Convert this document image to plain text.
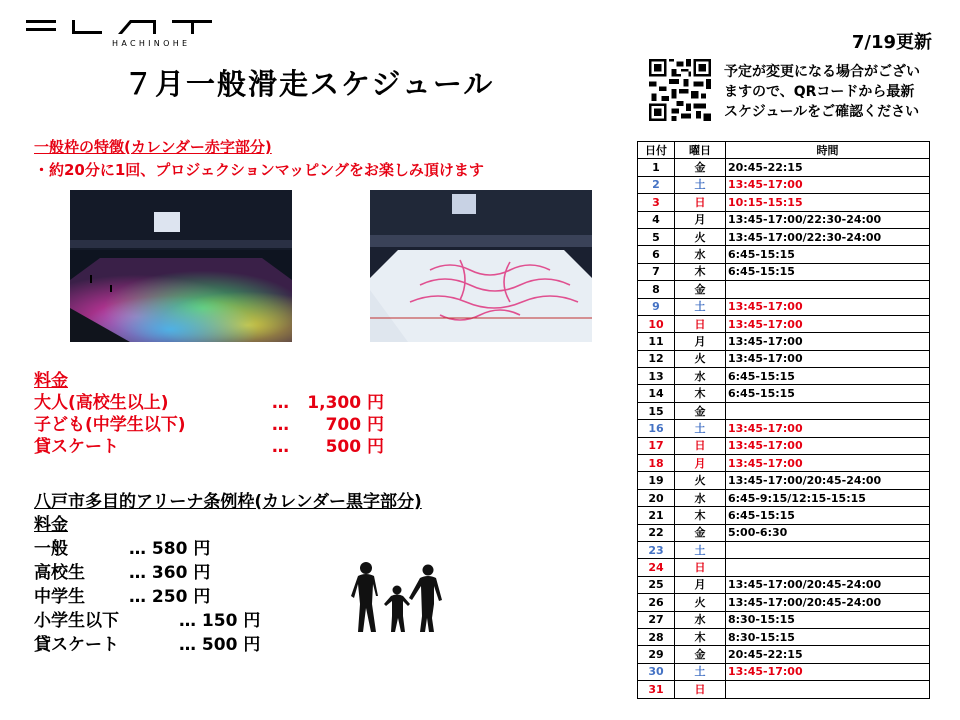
HACHINOHE	7/19更新
７月一般滑走スケジュール	予定が変更になる場合がござい
ますので、QRコードから最新
スケジュールをご確認ください
一般枠の特徴(カレンダー赤字部分)
・約20分に1回、プロジェクションマッピングをお楽しみ頂けます
料金
大人(高校生以上)	…	1,300 円
子ども(中学生以下)	…	700 円
貸スケート	…	500 円
八戸市多目的アリーナ条例枠(カレンダー黒字部分)
料金
一般	… 580 円
高校生	… 360 円
中学生	… 250 円
小学生以下	… 150 円
貸スケート	… 500 円
日付	曜日	時間
1	金	20:45-22:15
2	土	13:45-17:00
3	日	10:15-15:15
4	月	13:45-17:00/22:30-24:00
5	火	13:45-17:00/22:30-24:00
6	水	6:45-15:15
7	木	6:45-15:15
8	金	
9	土	13:45-17:00
10	日	13:45-17:00
11	月	13:45-17:00
12	火	13:45-17:00
13	水	6:45-15:15
14	木	6:45-15:15
15	金	
16	土	13:45-17:00
17	日	13:45-17:00
18	月	13:45-17:00
19	火	13:45-17:00/20:45-24:00
20	水	6:45-9:15/12:15-15:15
21	木	6:45-15:15
22	金	5:00-6:30
23	土	
24	日	
25	月	13:45-17:00/20:45-24:00
26	火	13:45-17:00/20:45-24:00
27	水	8:30-15:15
28	木	8:30-15:15
29	金	20:45-22:15
30	土	13:45-17:00
31	日	
